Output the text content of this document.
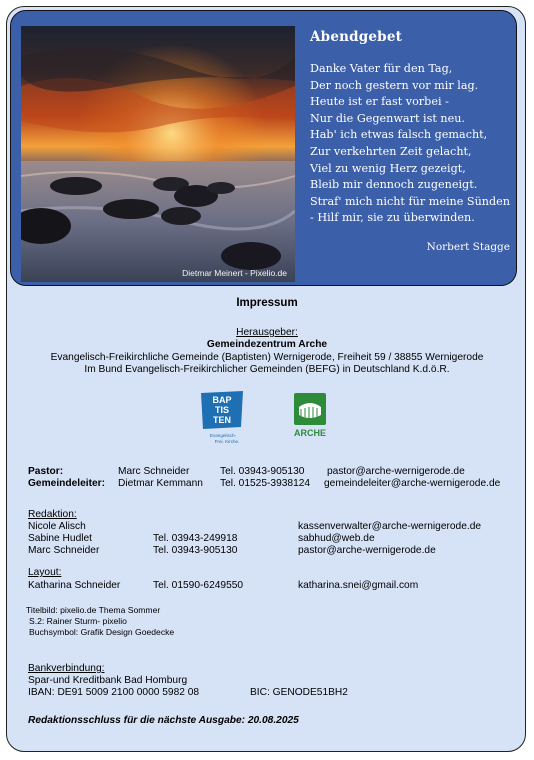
Dietmar Meinert - Pixelio.de
Abendgebet
Danke Vater für den Tag,
Der noch gestern vor mir lag.
Heute ist er fast vorbei -
Nur die Gegenwart ist neu.
Hab' ich etwas falsch gemacht,
Zur verkehrten Zeit gelacht,
Viel zu wenig Herz gezeigt,
Bleib mir dennoch zugeneigt.
Straf' mich nicht für meine Sünden
- Hilf mir, sie zu überwinden.
Norbert Stagge
Impressum
Herausgeber:
Gemeindezentrum Arche
Evangelisch-Freikirchliche Gemeinde (Baptisten) Wernigerode, Freiheit 59 / 38855 Wernigerode
Im Bund Evangelisch-Freikirchlicher Gemeinden (BEFG) in Deutschland K.d.ö.R.
BAP
TIS
TEN
Evangelisch-
Frei. Kirche.
ARCHE
Pastor:	Marc Schneider	Tel. 03943-905130 pastor@arche-wernigerode.de
Gemeindeleiter: Dietmar Kemmann Tel. 01525-3938124 gemeindeleiter@arche-wernigerode.de
Redaktion:
Nicole Alisch	kassenverwalter@arche-wernigerode.de
Sabine Hudlet	Tel. 03943-249918	sabhud@web.de
Marc Schneider	Tel. 03943-905130	pastor@arche-wernigerode.de
Layout:
Katharina Schneider	Tel. 01590-6249550	katharina.snei@gmail.com
Titelbild: pixelio.de Thema Sommer
S.2: Rainer Sturm- pixelio
Buchsymbol: Grafik Design Goedecke
Bankverbindung:
Spar-und Kreditbank Bad Homburg
IBAN: DE91 5009 2100 0000 5982 08	BIC: GENODE51BH2
Redaktionsschluss für die nächste Ausgabe: 20.08.2025
